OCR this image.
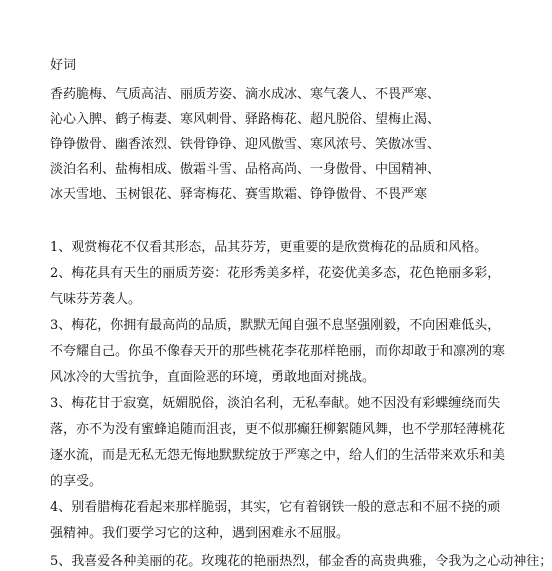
好词
香药脆梅、气质高洁、丽质芳姿、滴水成冰、寒气袭人、不畏严寒、
沁心入脾、鹤子梅妻、寒风刺骨、驿路梅花、超凡脱俗、望梅止渴、
铮铮傲骨、幽香浓烈、铁骨铮铮、迎风傲雪、寒风浓号、笑傲冰雪、
淡泊名利、盐梅相成、傲霜斗雪、品格高尚、一身傲骨、中国精神、
冰天雪地、玉树银花、驿寄梅花、赛雪欺霜、铮铮傲骨、不畏严寒
1、观赏梅花不仅看其形态，品其芬芳，更重要的是欣赏梅花的品质和风格。
2、梅花具有天生的丽质芳姿：花形秀美多样，花姿优美多态，花色艳丽多彩，
气味芬芳袭人。
3、梅花，你拥有最高尚的品质，默默无闻自强不息坚强刚毅，不向困难低头，
不夸耀自己。你虽不像春天开的那些桃花李花那样艳丽，而你却敢于和凛冽的寒
风冰冷的大雪抗争，直面险恶的环境，勇敢地面对挑战。
3、梅花甘于寂寞，妩媚脱俗，淡泊名利，无私奉献。她不因没有彩蝶缠绕而失
落，亦不为没有蜜蜂追随而沮丧，更不似那癫狂柳絮随风舞，也不学那轻薄桃花
逐水流，而是无私无怨无悔地默默绽放于严寒之中，给人们的生活带来欢乐和美
的享受。
4、别看腊梅花看起来那样脆弱，其实，它有着钢铁一般的意志和不屈不挠的顽
强精神。我们要学习它的这种，遇到困难永不屈服。
5、我喜爱各种美丽的花。玫瑰花的艳丽热烈，郁金香的高贵典雅，令我为之心动神往；
